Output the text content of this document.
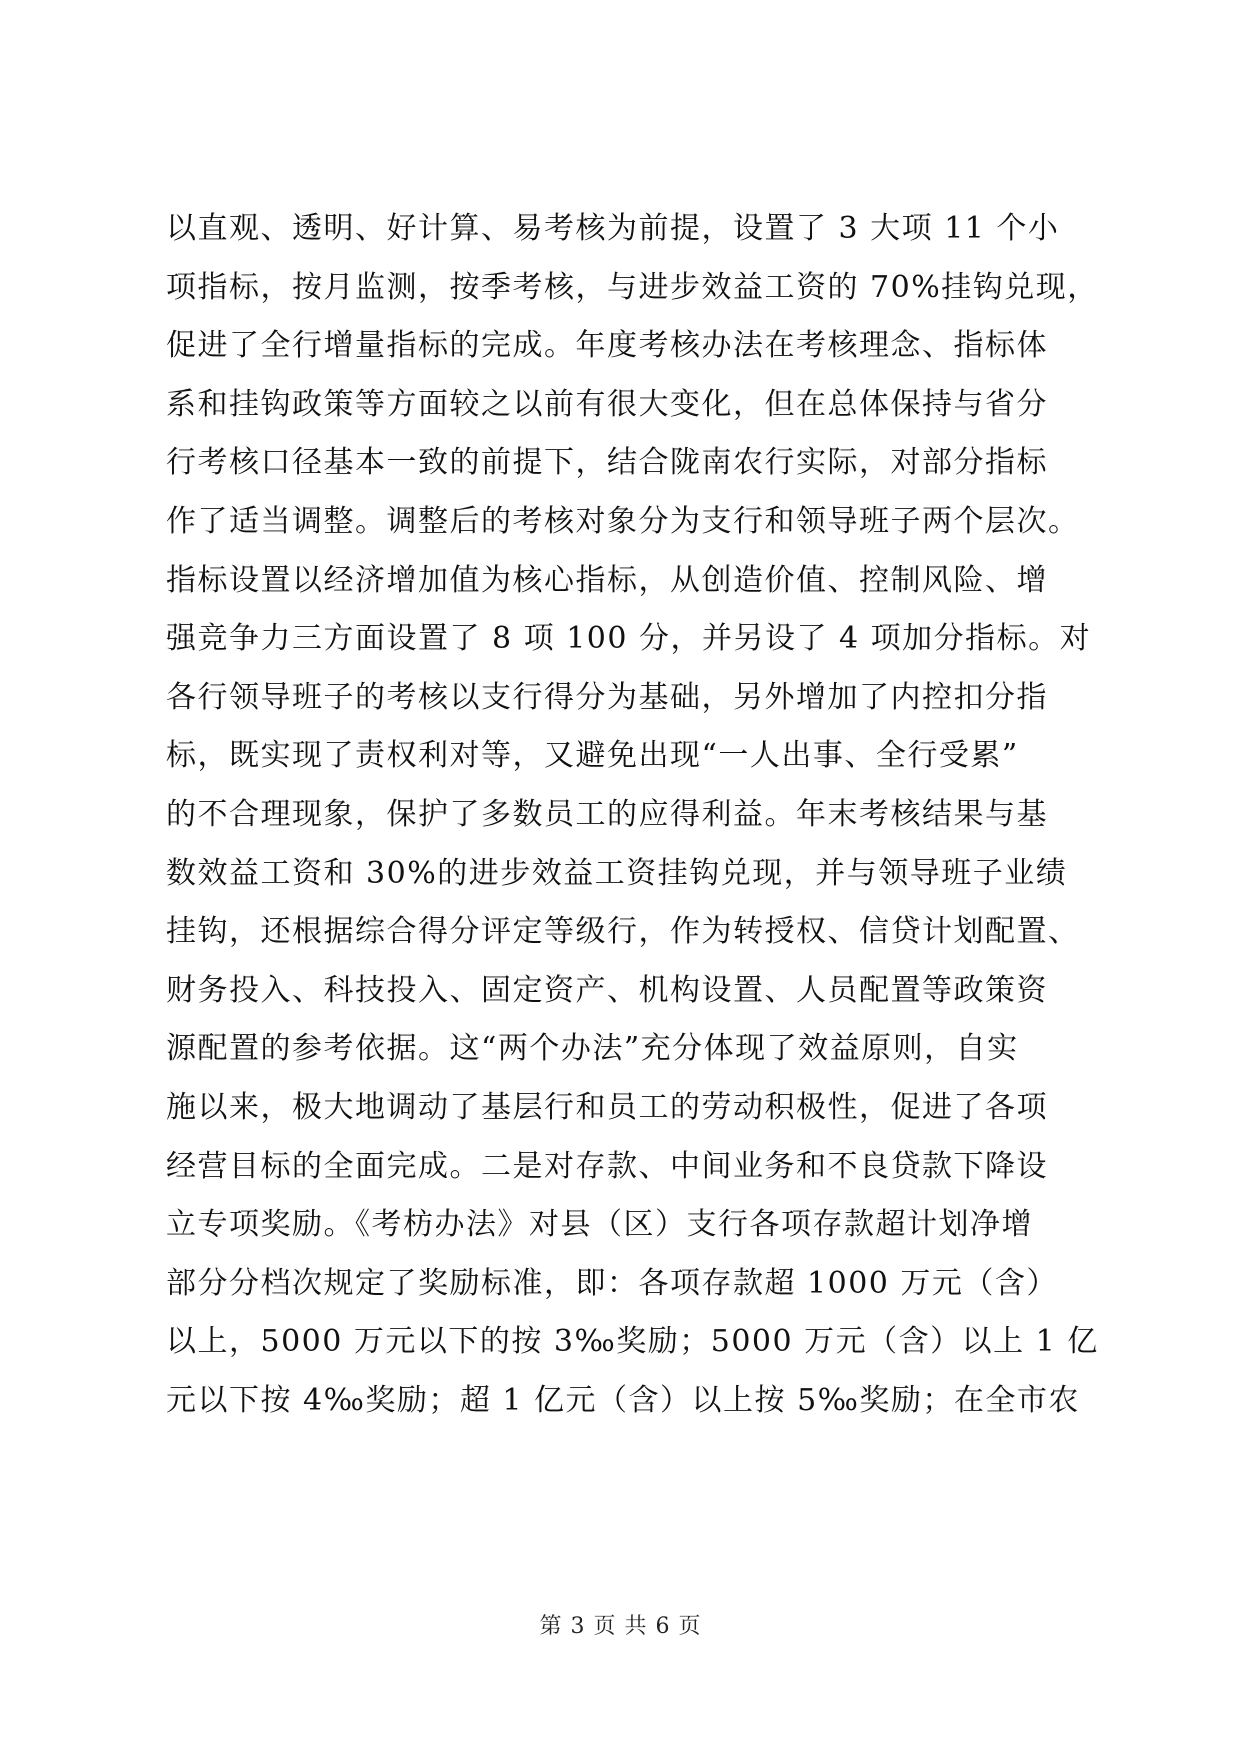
以直观、透明、好计算、易考核为前提，设置了 3 大项 11 个小
项指标，按月监测，按季考核，与进步效益工资的 70%挂钩兑现，
促进了全行增量指标的完成。年度考核办法在考核理念、指标体
系和挂钩政策等方面较之以前有很大变化，但在总体保持与省分
行考核口径基本一致的前提下，结合陇南农行实际，对部分指标
作了适当调整。调整后的考核对象分为支行和领导班子两个层次。
指标设置以经济增加值为核心指标，从创造价值、控制风险、增
强竞争力三方面设置了 8 项 100 分，并另设了 4 项加分指标。对
各行领导班子的考核以支行得分为基础，另外增加了内控扣分指
标，既实现了责权利对等，又避免出现“一人出事、全行受累”
的不合理现象，保护了多数员工的应得利益。年末考核结果与基
数效益工资和 30%的进步效益工资挂钩兑现，并与领导班子业绩
挂钩，还根据综合得分评定等级行，作为转授权、信贷计划配置、
财务投入、科技投入、固定资产、机构设置、人员配置等政策资
源配置的参考依据。这“两个办法”充分体现了效益原则，自实
施以来，极大地调动了基层行和员工的劳动积极性，促进了各项
经营目标的全面完成。二是对存款、中间业务和不良贷款下降设
立专项奖励。《考枋办法》对县（区）支行各项存款超计划净增
部分分档次规定了奖励标准，即：各项存款超 1000 万元（含）
以上，5000 万元以下的按 3‰奖励；5000 万元（含）以上 1 亿
元以下按 4‰奖励；超 1 亿元（含）以上按 5‰奖励；在全市农
第 3 页 共 6 页
